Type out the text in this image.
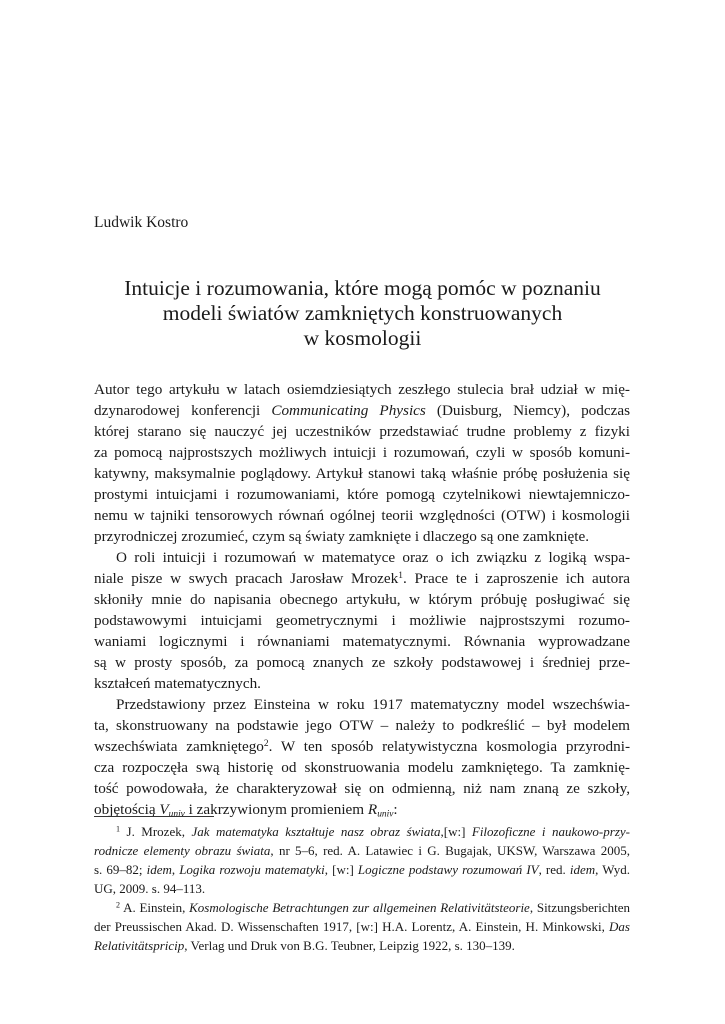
Ludwik Kostro
Intuicje i rozumowania, które mogą pomóc w poznaniu
modeli światów zamkniętych konstruowanych
w kosmologii
Autor tego artykułu w latach osiemdziesiątych zeszłego stulecia brał udział w mię-
dzynarodowej konferencji Communicating Physics (Duisburg, Niemcy), podczas
której starano się nauczyć jej uczestników przedstawiać trudne problemy z fizyki
za pomocą najprostszych możliwych intuicji i rozumowań, czyli w sposób komuni-
katywny, maksymalnie poglądowy. Artykuł stanowi taką właśnie próbę posłużenia się
prostymi intuicjami i rozumowaniami, które pomogą czytelnikowi niewtajemniczo-
nemu w tajniki tensorowych równań ogólnej teorii względności (OTW) i kosmologii
przyrodniczej zrozumieć, czym są światy zamknięte i dlaczego są one zamknięte.
O roli intuicji i rozumowań w matematyce oraz o ich związku z logiką wspa-
niale pisze w swych pracach Jarosław Mrozek$^1$. Prace te i zaproszenie ich autora
skłoniły mnie do napisania obecnego artykułu, w którym próbuję posługiwać się
podstawowymi intuicjami geometrycznymi i możliwie najprostszymi rozumo-
waniami logicznymi i równaniami matematycznymi. Równania wyprowadzane
są w prosty sposób, za pomocą znanych ze szkoły podstawowej i średniej prze-
kształceń matematycznych.
Przedstawiony przez Einsteina w roku 1917 matematyczny model wszechświa-
ta, skonstruowany na podstawie jego OTW – należy to podkreślić – był modelem
wszechświata zamkniętego$^2$. W ten sposób relatywistyczna kosmologia przyrodni-
cza rozpoczęła swą historię od skonstruowania modelu zamkniętego. Ta zamknię-
tość powodowała, że charakteryzował się on odmienną, niż nam znaną ze szkoły,
objętością $V_{univ}$ i zakrzywionym promieniem $R_{univ}$:
$^1$ J. Mrozek, Jak matematyka kształtuje nasz obraz świata,[w:] Filozoficzne i naukowo-przy-
rodnicze elementy obrazu świata, nr 5–6, red. A. Latawiec i G. Bugajak, UKSW, Warszawa 2005,
s. 69–82; idem, Logika rozwoju matematyki, [w:] Logiczne podstawy rozumowań IV, red. idem, Wyd.
UG, 2009. s. 94–113.
$^2$ A. Einstein, Kosmologische Betrachtungen zur allgemeinen Relativitätsteorie, Sitzungsberichten
der Preussischen Akad. D. Wissenschaften 1917, [w:] H.A. Lorentz, A. Einstein, H. Minkowski, Das
Relativitätspricip, Verlag und Druk von B.G. Teubner, Leipzig 1922, s. 130–139.
